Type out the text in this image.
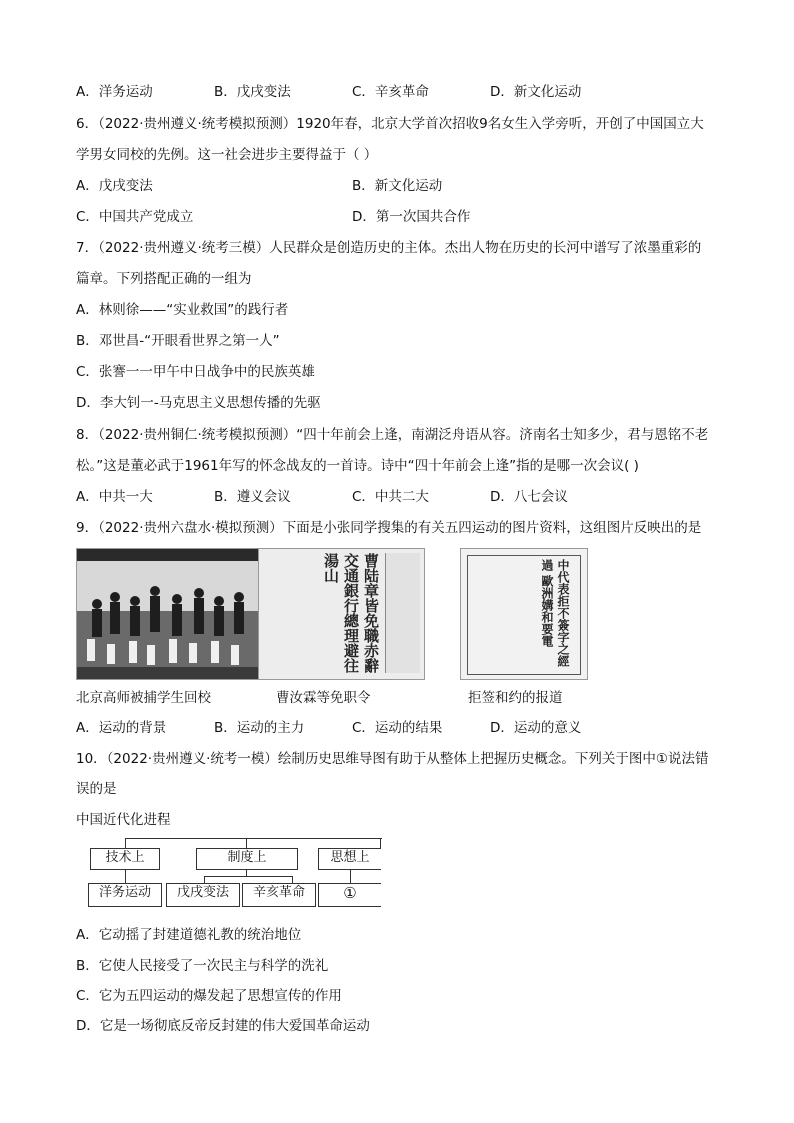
A．洋务运动	B．戊戌变法	C．辛亥革命	D．新文化运动
6．（2022·贵州遵义·统考模拟预测）1920年春，北京大学首次招收9名女生入学旁听，开创了中国国立大
学男女同校的先例。这一社会进步主要得益于（ ）
A．戊戌变法	B．新文化运动
C．中国共产党成立	D．第一次国共合作
7．（2022·贵州遵义·统考三模）人民群众是创造历史的主体。杰出人物在历史的长河中谱写了浓墨重彩的
篇章。下列搭配正确的一组为
A．林则徐——“实业救国”的践行者
B．邓世昌-“开眼看世界之第一人”
C．张謇一一甲午中日战争中的民族英雄
D．李大钊一-马克思主义思想传播的先驱
8．（2022·贵州铜仁·统考模拟预测）“四十年前会上逢，南湖泛舟语从容。济南名士知多少，君与恩铭不老
松。”这是董必武于1961年写的怀念战友的一首诗。诗中“四十年前会上逢”指的是哪一次会议( )
A．中共一大	B．遵义会议	C．中共二大	D．八七会议
9．（2022·贵州六盘水·模拟预测）下面是小张同学搜集的有关五四运动的图片资料，这组图片反映出的是
曹陆章皆免職赤辭交通銀行總理避往湯山	中代表拒不簽字之經過 歐洲媾和要電
北京高师被捕学生回校	曹汝霖等免职令	拒签和约的报道
A．运动的背景	B．运动的主力	C．运动的结果	D．运动的意义
10．（2022·贵州遵义·统考一模）绘制历史思维导图有助于从整体上把握历史概念。下列关于图中①说法错
误的是
中国近代化进程
技术上	制度上	思想上
洋务运动	戊戌变法	辛亥革命	①
A．它动摇了封建道德礼教的统治地位
B．它使人民接受了一次民主与科学的洗礼
C．它为五四运动的爆发起了思想宣传的作用
D．它是一场彻底反帝反封建的伟大爱国革命运动
